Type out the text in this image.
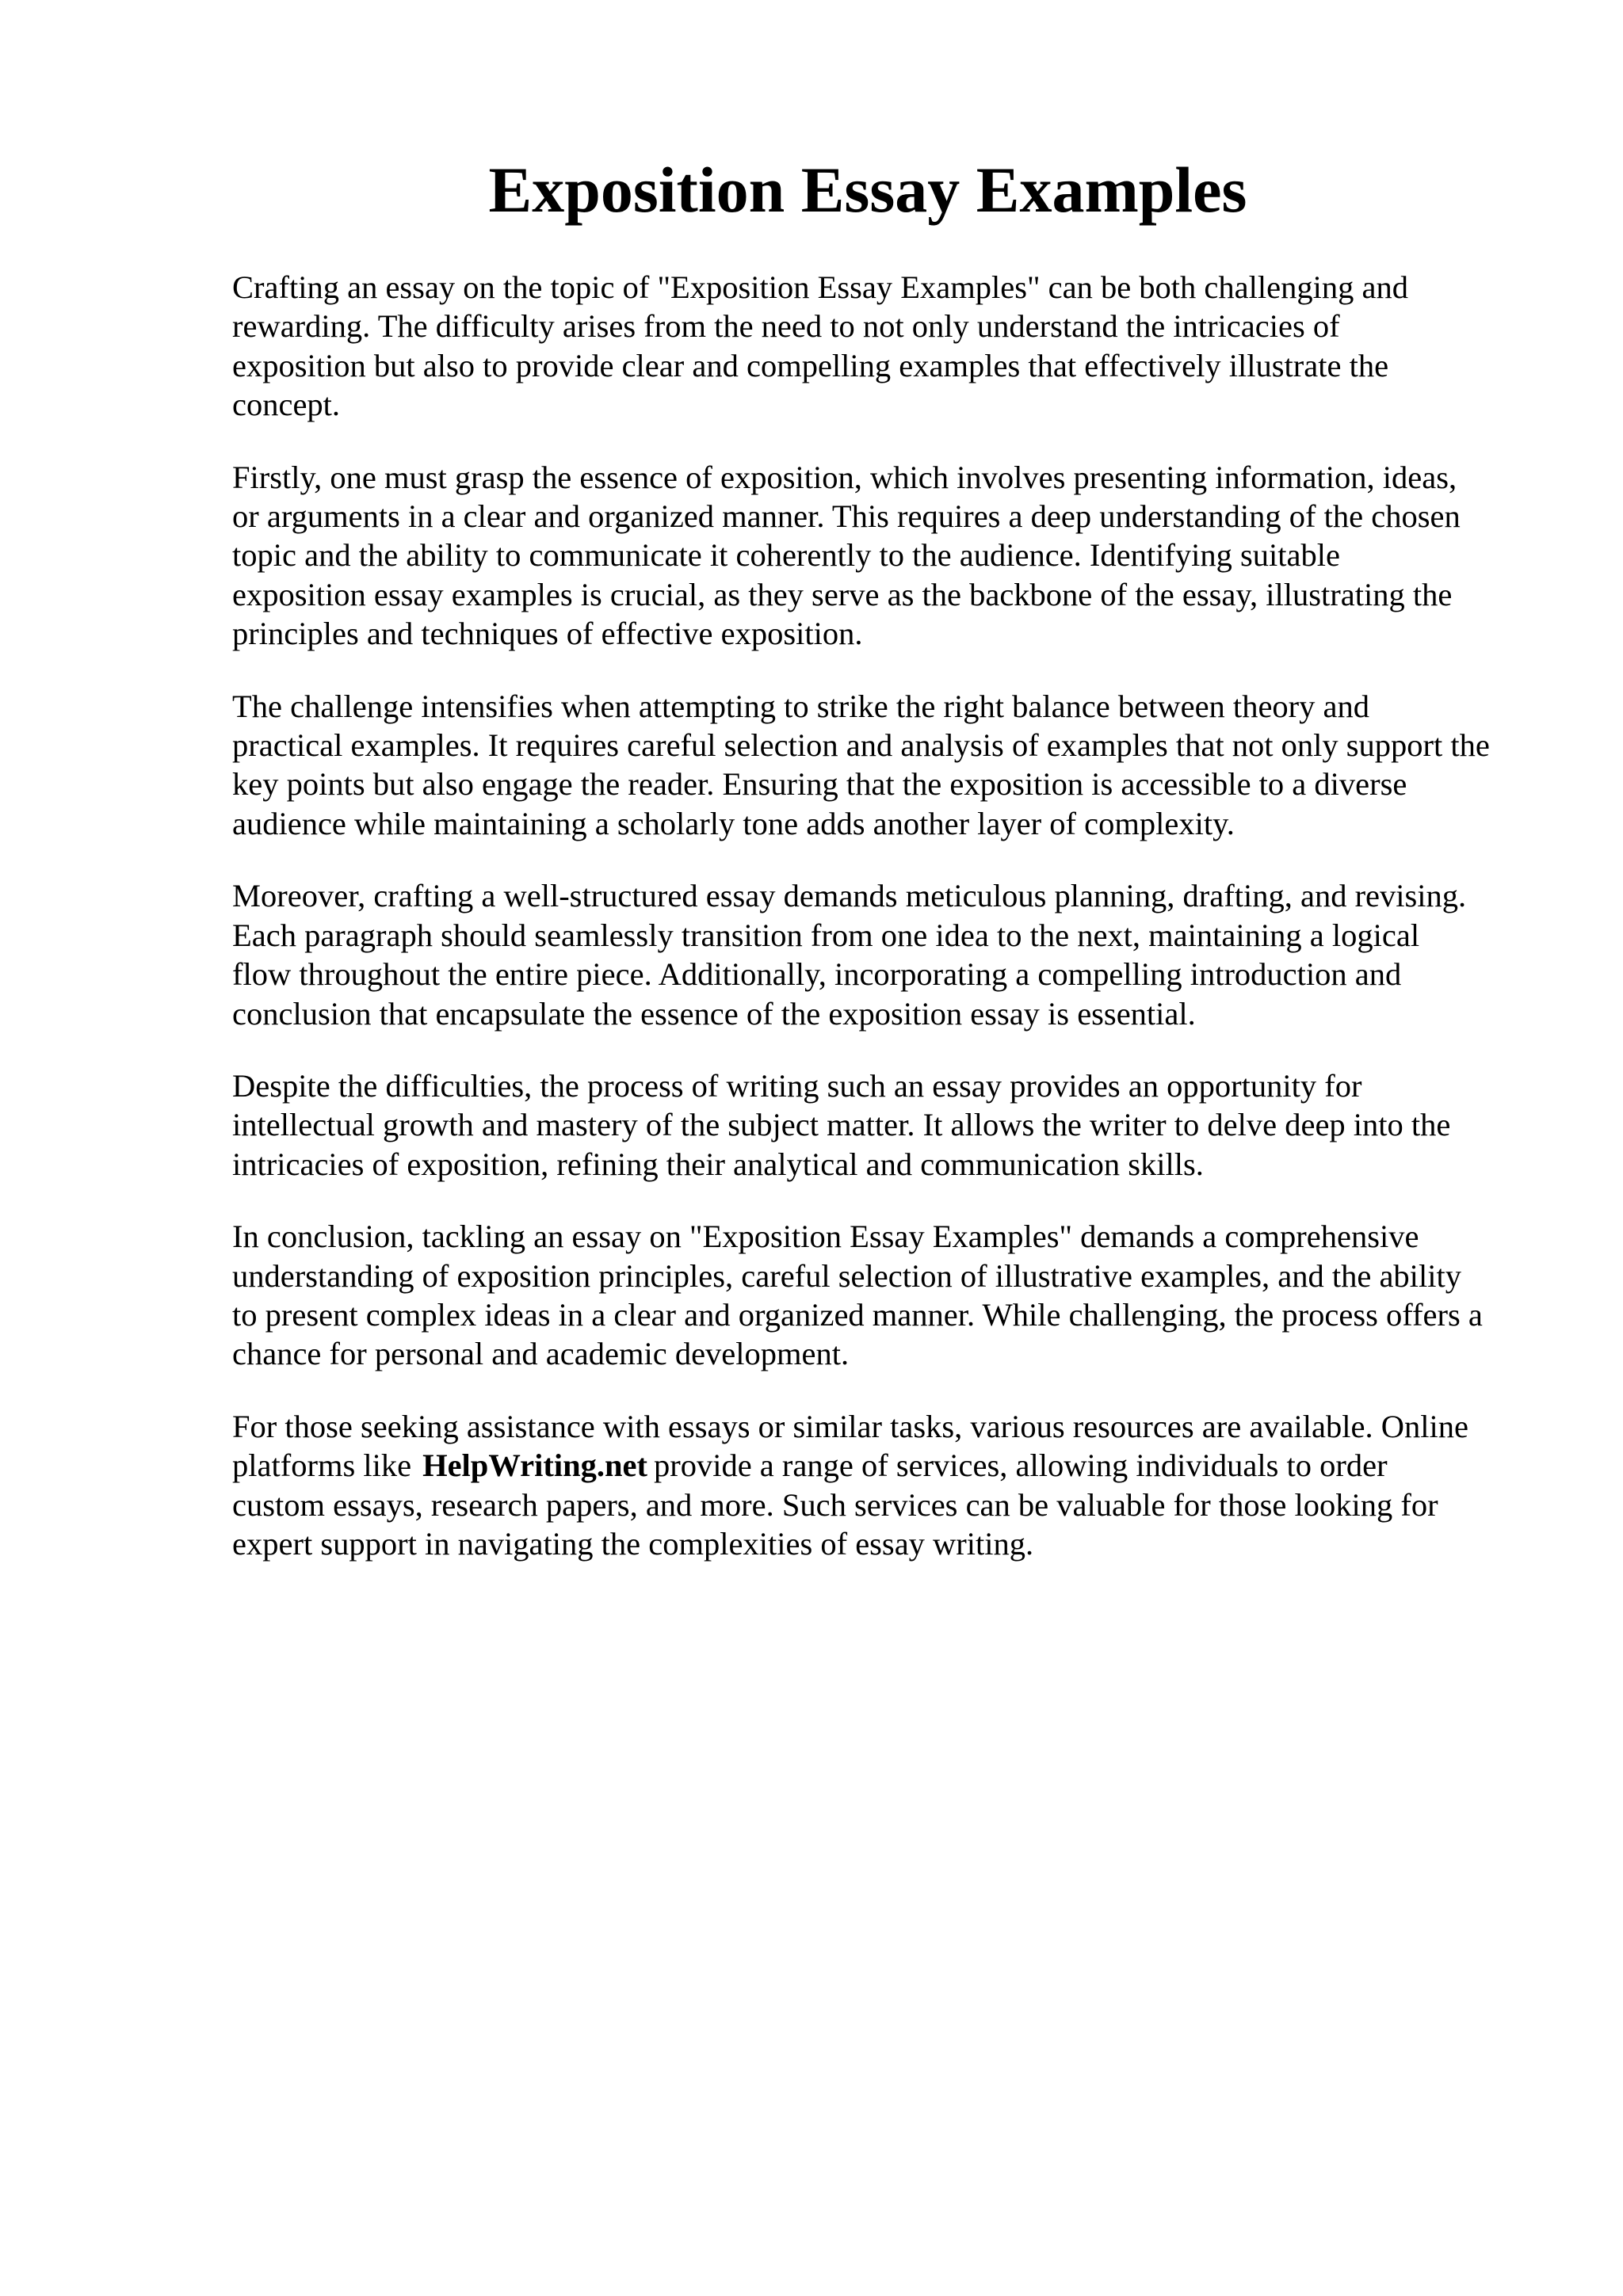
Exposition Essay Examples

Crafting an essay on the topic of "Exposition Essay Examples" can be both challenging and
rewarding. The difficulty arises from the need to not only understand the intricacies of
exposition but also to provide clear and compelling examples that effectively illustrate the
concept.

Firstly, one must grasp the essence of exposition, which involves presenting information, ideas,
or arguments in a clear and organized manner. This requires a deep understanding of the chosen
topic and the ability to communicate it coherently to the audience. Identifying suitable
exposition essay examples is crucial, as they serve as the backbone of the essay, illustrating the
principles and techniques of effective exposition.

The challenge intensifies when attempting to strike the right balance between theory and
practical examples. It requires careful selection and analysis of examples that not only support the
key points but also engage the reader. Ensuring that the exposition is accessible to a diverse
audience while maintaining a scholarly tone adds another layer of complexity.

Moreover, crafting a well-structured essay demands meticulous planning, drafting, and revising.
Each paragraph should seamlessly transition from one idea to the next, maintaining a logical
flow throughout the entire piece. Additionally, incorporating a compelling introduction and
conclusion that encapsulate the essence of the exposition essay is essential.

Despite the difficulties, the process of writing such an essay provides an opportunity for
intellectual growth and mastery of the subject matter. It allows the writer to delve deep into the
intricacies of exposition, refining their analytical and communication skills.

In conclusion, tackling an essay on "Exposition Essay Examples" demands a comprehensive
understanding of exposition principles, careful selection of illustrative examples, and the ability
to present complex ideas in a clear and organized manner. While challenging, the process offers a
chance for personal and academic development.

For those seeking assistance with essays or similar tasks, various resources are available. Online
platforms like HelpWriting.net provide a range of services, allowing individuals to order
custom essays, research papers, and more. Such services can be valuable for those looking for
expert support in navigating the complexities of essay writing.
